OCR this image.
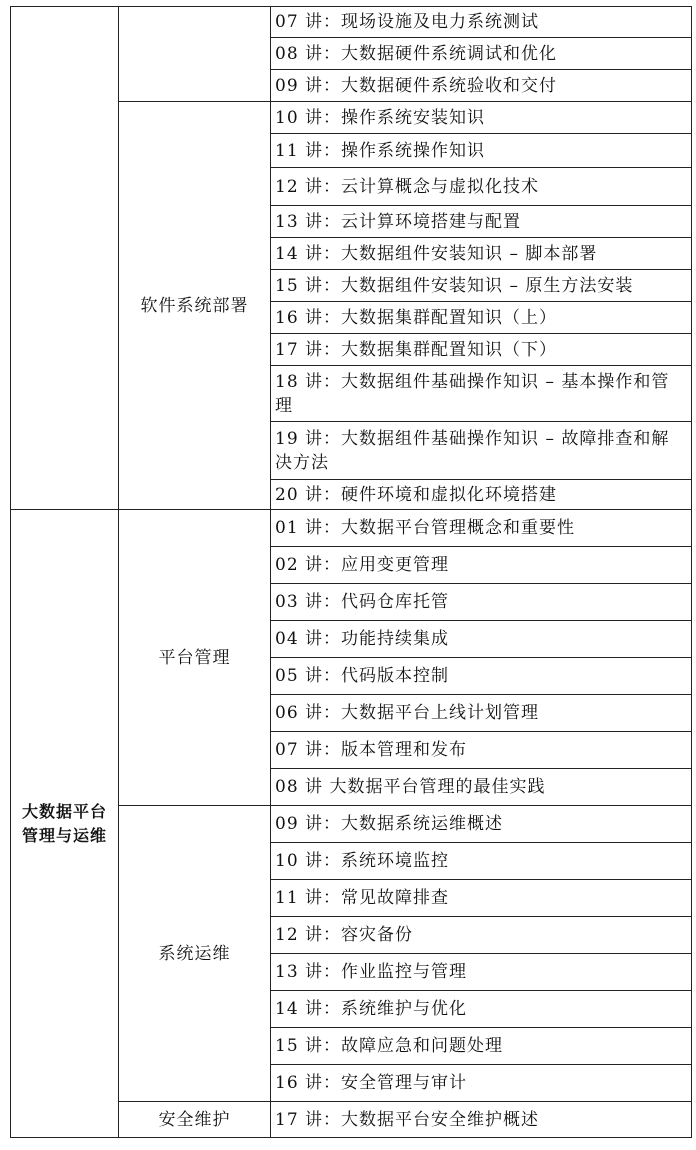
		07 讲：现场设施及电力系统测试
		08 讲：大数据硬件系统调试和优化
		09 讲：大数据硬件系统验收和交付
	软件系统部署	10 讲：操作系统安装知识
		11 讲：操作系统操作知识
		12 讲：云计算概念与虚拟化技术
		13 讲：云计算环境搭建与配置
		14 讲：大数据组件安装知识 – 脚本部署
		15 讲：大数据组件安装知识 – 原生方法安装
		16 讲：大数据集群配置知识（上）
		17 讲：大数据集群配置知识（下）
		18 讲：大数据组件基础操作知识 – 基本操作和管理
		19 讲：大数据组件基础操作知识 – 故障排查和解决方法
		20 讲：硬件环境和虚拟化环境搭建
大数据平台管理与运维	平台管理	01 讲：大数据平台管理概念和重要性
		02 讲：应用变更管理
		03 讲：代码仓库托管
		04 讲：功能持续集成
		05 讲：代码版本控制
		06 讲：大数据平台上线计划管理
		07 讲：版本管理和发布
		08 讲 大数据平台管理的最佳实践
	系统运维	09 讲：大数据系统运维概述
		10 讲：系统环境监控
		11 讲：常见故障排查
		12 讲：容灾备份
		13 讲：作业监控与管理
		14 讲：系统维护与优化
		15 讲：故障应急和问题处理
		16 讲：安全管理与审计
	安全维护	17 讲：大数据平台安全维护概述
